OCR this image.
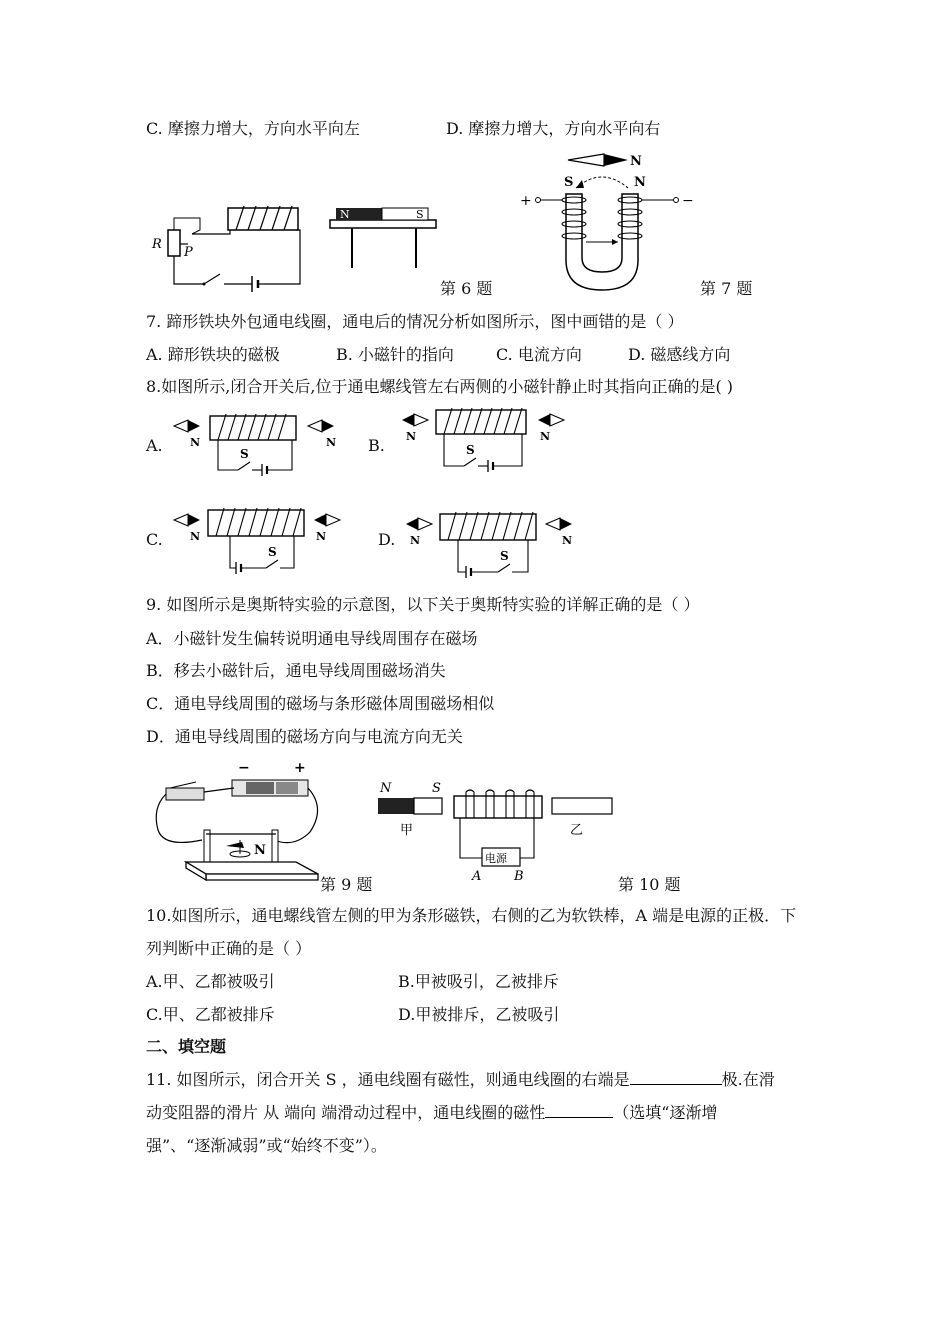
C. 摩擦力增大，方向水平向左	D. 摩擦力增大，方向水平向右
R
P
N	S
第 6 题
N
S	N
+	−
第 7 题
7. 蹄形铁块外包通电线圈，通电后的情况分析如图所示，图中画错的是（ ）
A. 蹄形铁块的磁极	B. 小磁针的指向	C. 电流方向	D. 磁感线方向
8.如图所示,闭合开关后,位于通电螺线管左右两侧的小磁针静止时其指向正确的是( )
A. N	N
S	B. N	N
S
C. N	N
S
D. N	N
S
9. 如图所示是奥斯特实验的示意图，以下关于奥斯特实验的详解正确的是（ ）
A．小磁针发生偏转说明通电导线周围存在磁场
B．移去小磁针后，通电导线周围磁场消失
C．通电导线周围的磁场与条形磁体周围磁场相似
D．通电导线周围的磁场方向与电流方向无关
−	+
N
第 9 题
N	S
甲	乙
电源
A	B	第 10 题
10.如图所示，通电螺线管左侧的甲为条形磁铁，右侧的乙为软铁棒，A 端是电源的正极．下
列判断中正确的是（ ）
A.甲、乙都被吸引	B.甲被吸引，乙被排斥
C.甲、乙都被排斥	D.甲被排斥，乙被吸引
二、填空题
11. 如图所示，闭合开关 S ，通电线圈有磁性，则通电线圈的右端是	极.在滑
动变阻器的滑片 从 端向 端滑动过程中，通电线圈的磁性	（选填“逐渐增
强”、“逐渐减弱”或“始终不变”）。
